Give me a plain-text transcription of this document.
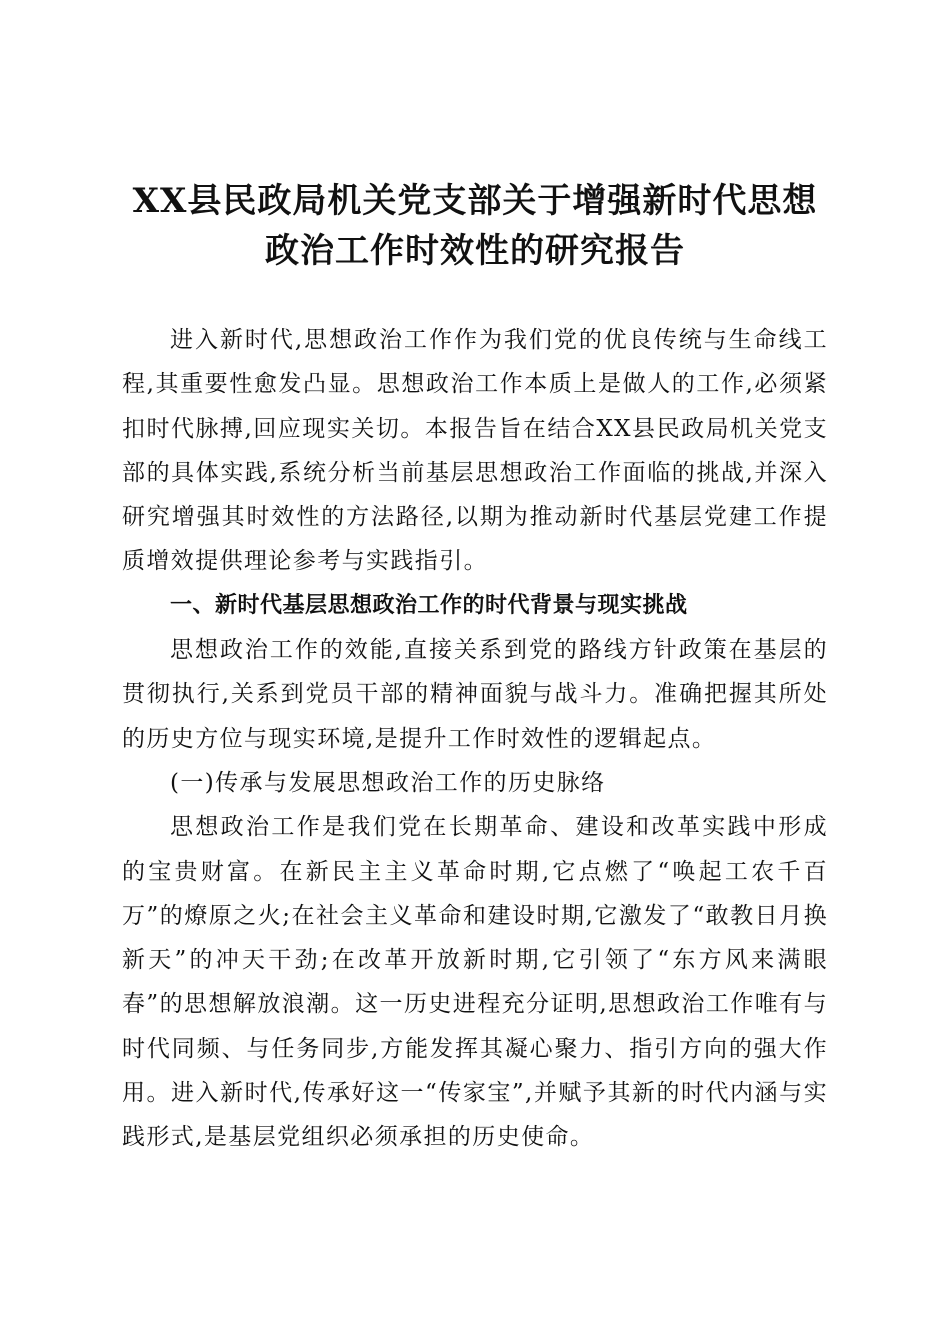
XX县民政局机关党支部关于增强新时代思想
政治工作时效性的研究报告

进入新时代,思想政治工作作为我们党的优良传统与生命线工程,其重要性愈发凸显。思想政治工作本质上是做人的工作,必须紧扣时代脉搏,回应现实关切。本报告旨在结合XX县民政局机关党支部的具体实践,系统分析当前基层思想政治工作面临的挑战,并深入研究增强其时效性的方法路径,以期为推动新时代基层党建工作提质增效提供理论参考与实践指引。

一、新时代基层思想政治工作的时代背景与现实挑战

思想政治工作的效能,直接关系到党的路线方针政策在基层的贯彻执行,关系到党员干部的精神面貌与战斗力。准确把握其所处的历史方位与现实环境,是提升工作时效性的逻辑起点。

(一)传承与发展思想政治工作的历史脉络

思想政治工作是我们党在长期革命、建设和改革实践中形成的宝贵财富。在新民主主义革命时期,它点燃了“唤起工农千百万”的燎原之火;在社会主义革命和建设时期,它激发了“敢教日月换新天”的冲天干劲;在改革开放新时期,它引领了“东方风来满眼春”的思想解放浪潮。这一历史进程充分证明,思想政治工作唯有与时代同频、与任务同步,方能发挥其凝心聚力、指引方向的强大作用。进入新时代,传承好这一“传家宝”,并赋予其新的时代内涵与实践形式,是基层党组织必须承担的历史使命。
